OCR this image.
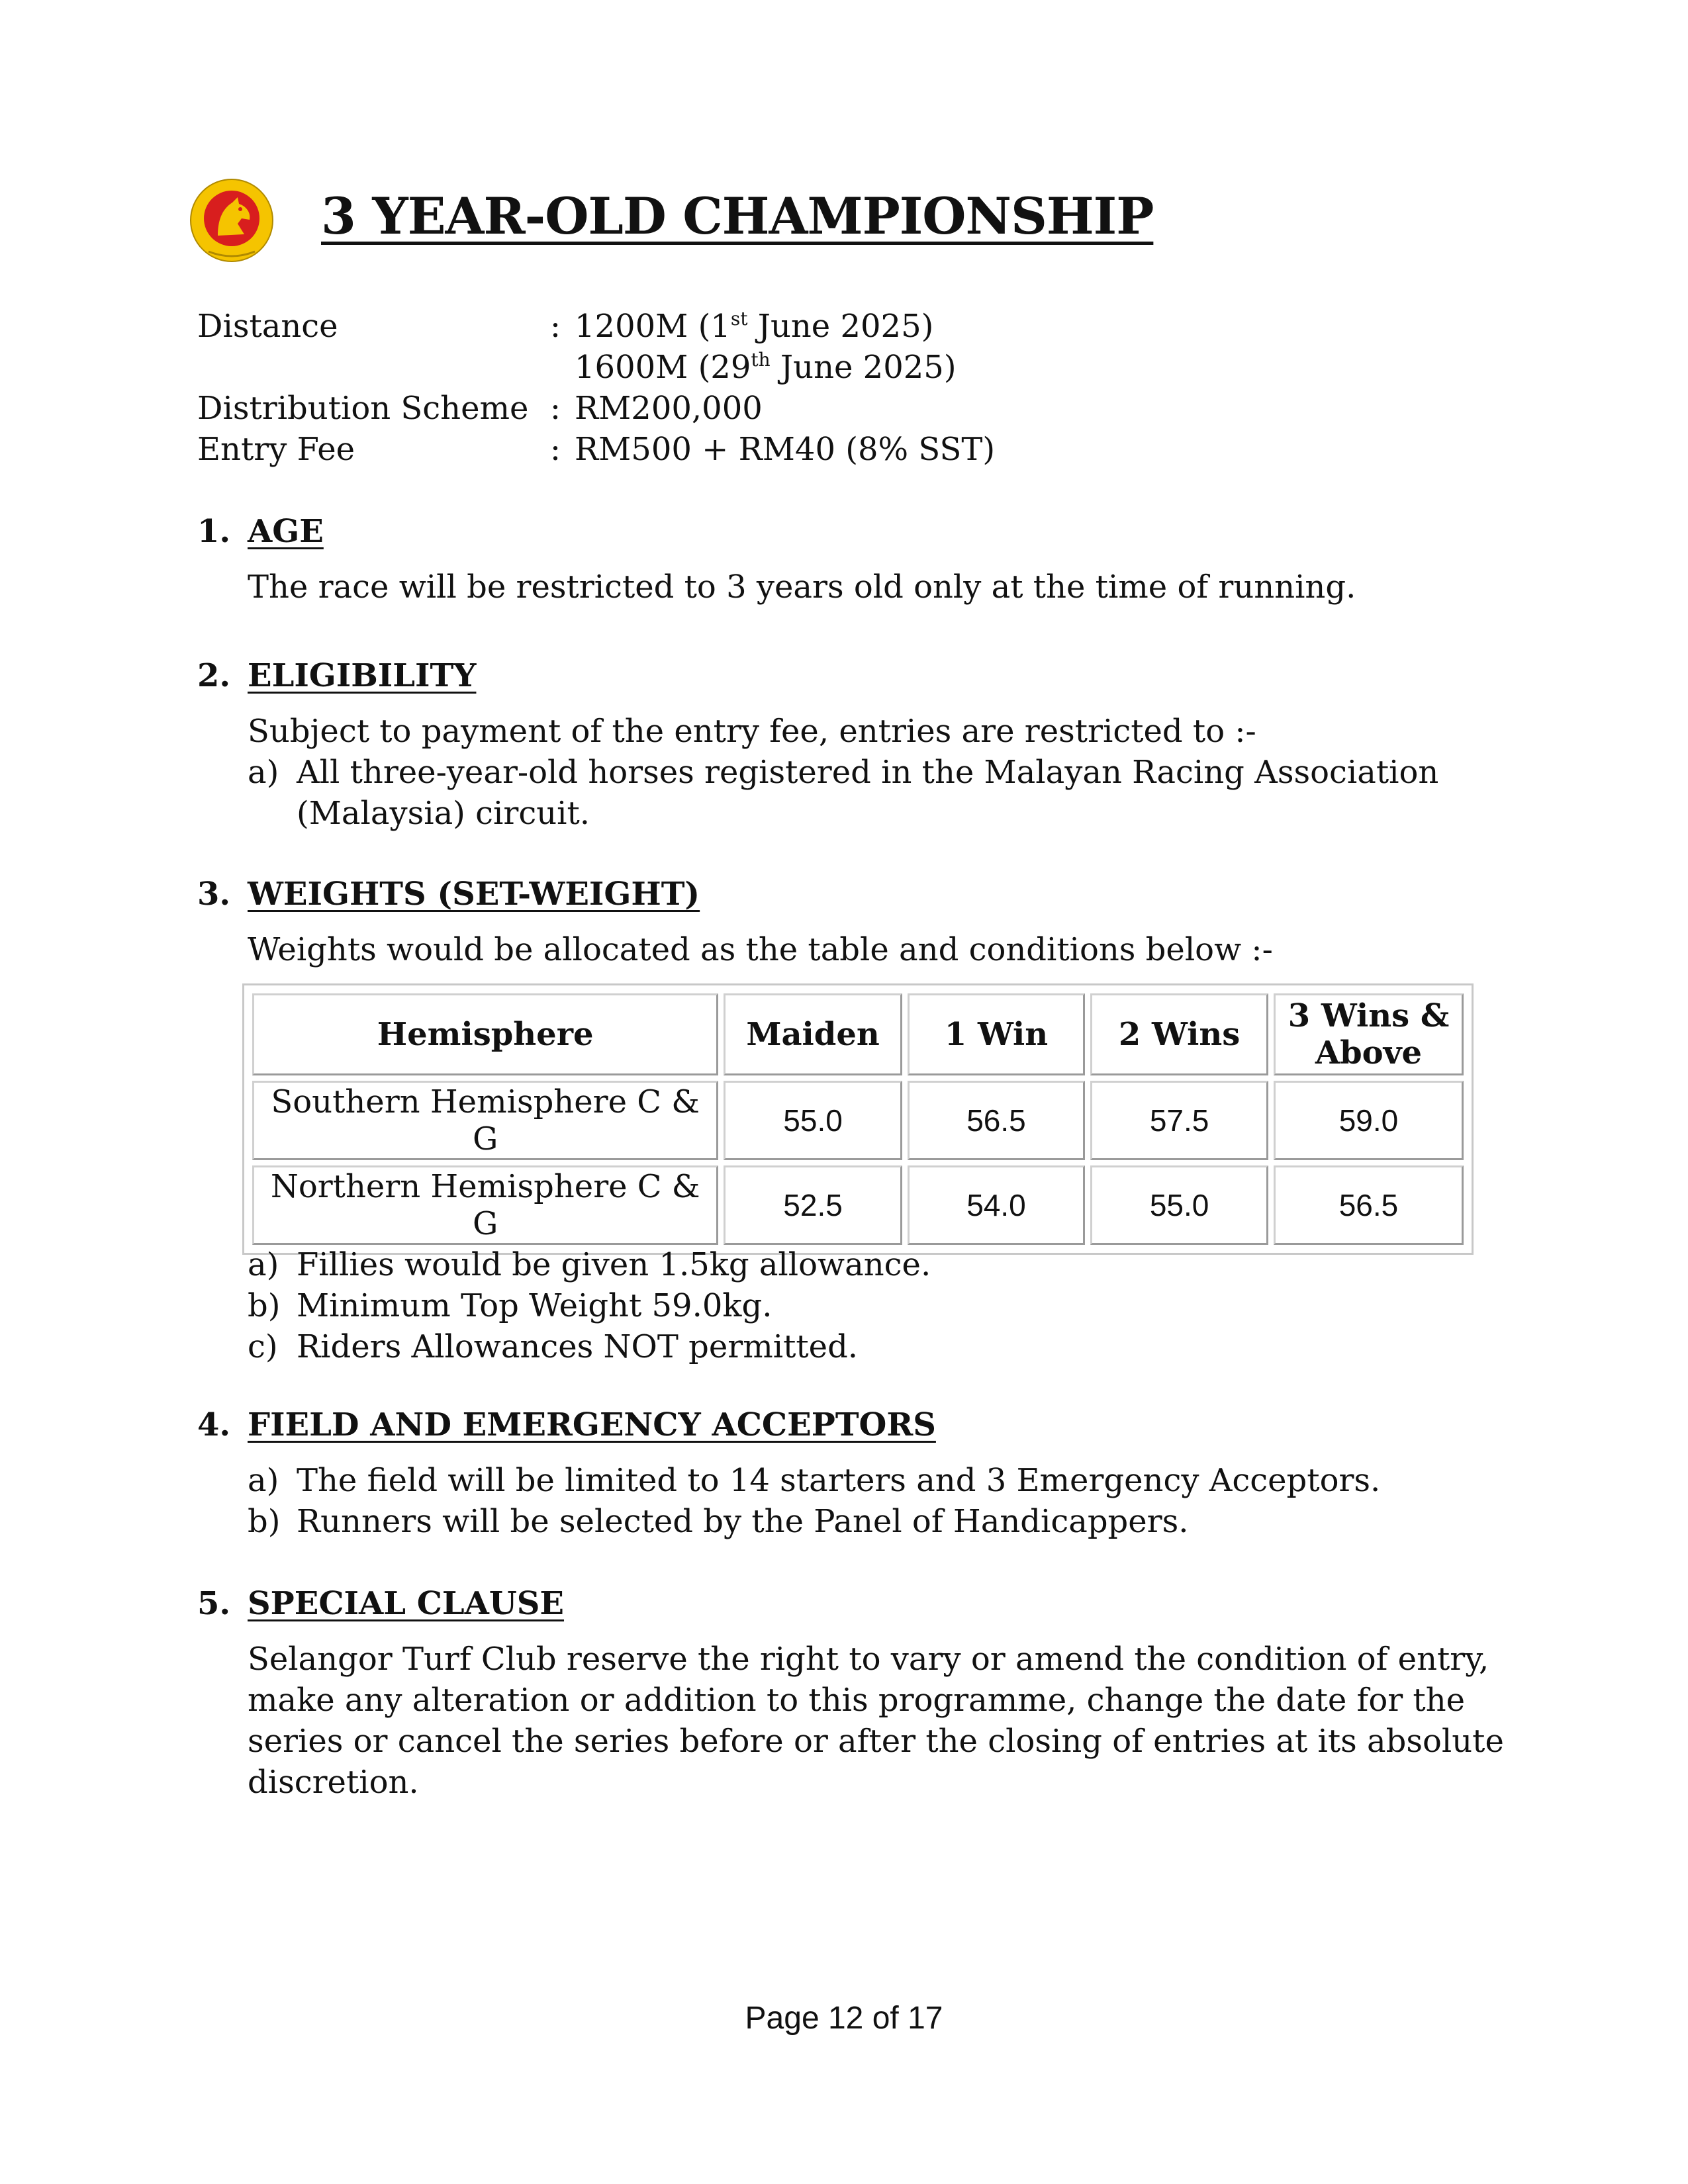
3 YEAR-OLD CHAMPIONSHIP
Distance	: 1200M (1st June 2025)
1600M (29th June 2025)
Distribution Scheme : RM200,000
Entry Fee	: RM500 + RM40 (8% SST)
1. AGE

The race will be restricted to 3 years old only at the time of running.

2. ELIGIBILITY

Subject to payment of the entry fee, entries are restricted to :-

a) All three-year-old horses registered in the Malayan Racing Association (Malaysia) circuit.
3. WEIGHTS (SET-WEIGHT)

Weights would be allocated as the table and conditions below :-

Hemisphere	Maiden	1 Win	2 Wins	3 Wins & Above
Southern Hemisphere C & G	55.0	56.5	57.5	59.0
Northern Hemisphere C & G	52.5	54.0	55.0	56.5
a) Fillies would be given 1.5kg allowance.
b) Minimum Top Weight 59.0kg.
c) Riders Allowances NOT permitted.
4. FIELD AND EMERGENCY ACCEPTORS
a) The field will be limited to 14 starters and 3 Emergency Acceptors.
b) Runners will be selected by the Panel of Handicappers.
5. SPECIAL CLAUSE

Selangor Turf Club reserve the right to vary or amend the condition of entry, make any alteration or addition to this programme, change the date for the series or cancel the series before or after the closing of entries at its absolute discretion.

Page 12 of 17
